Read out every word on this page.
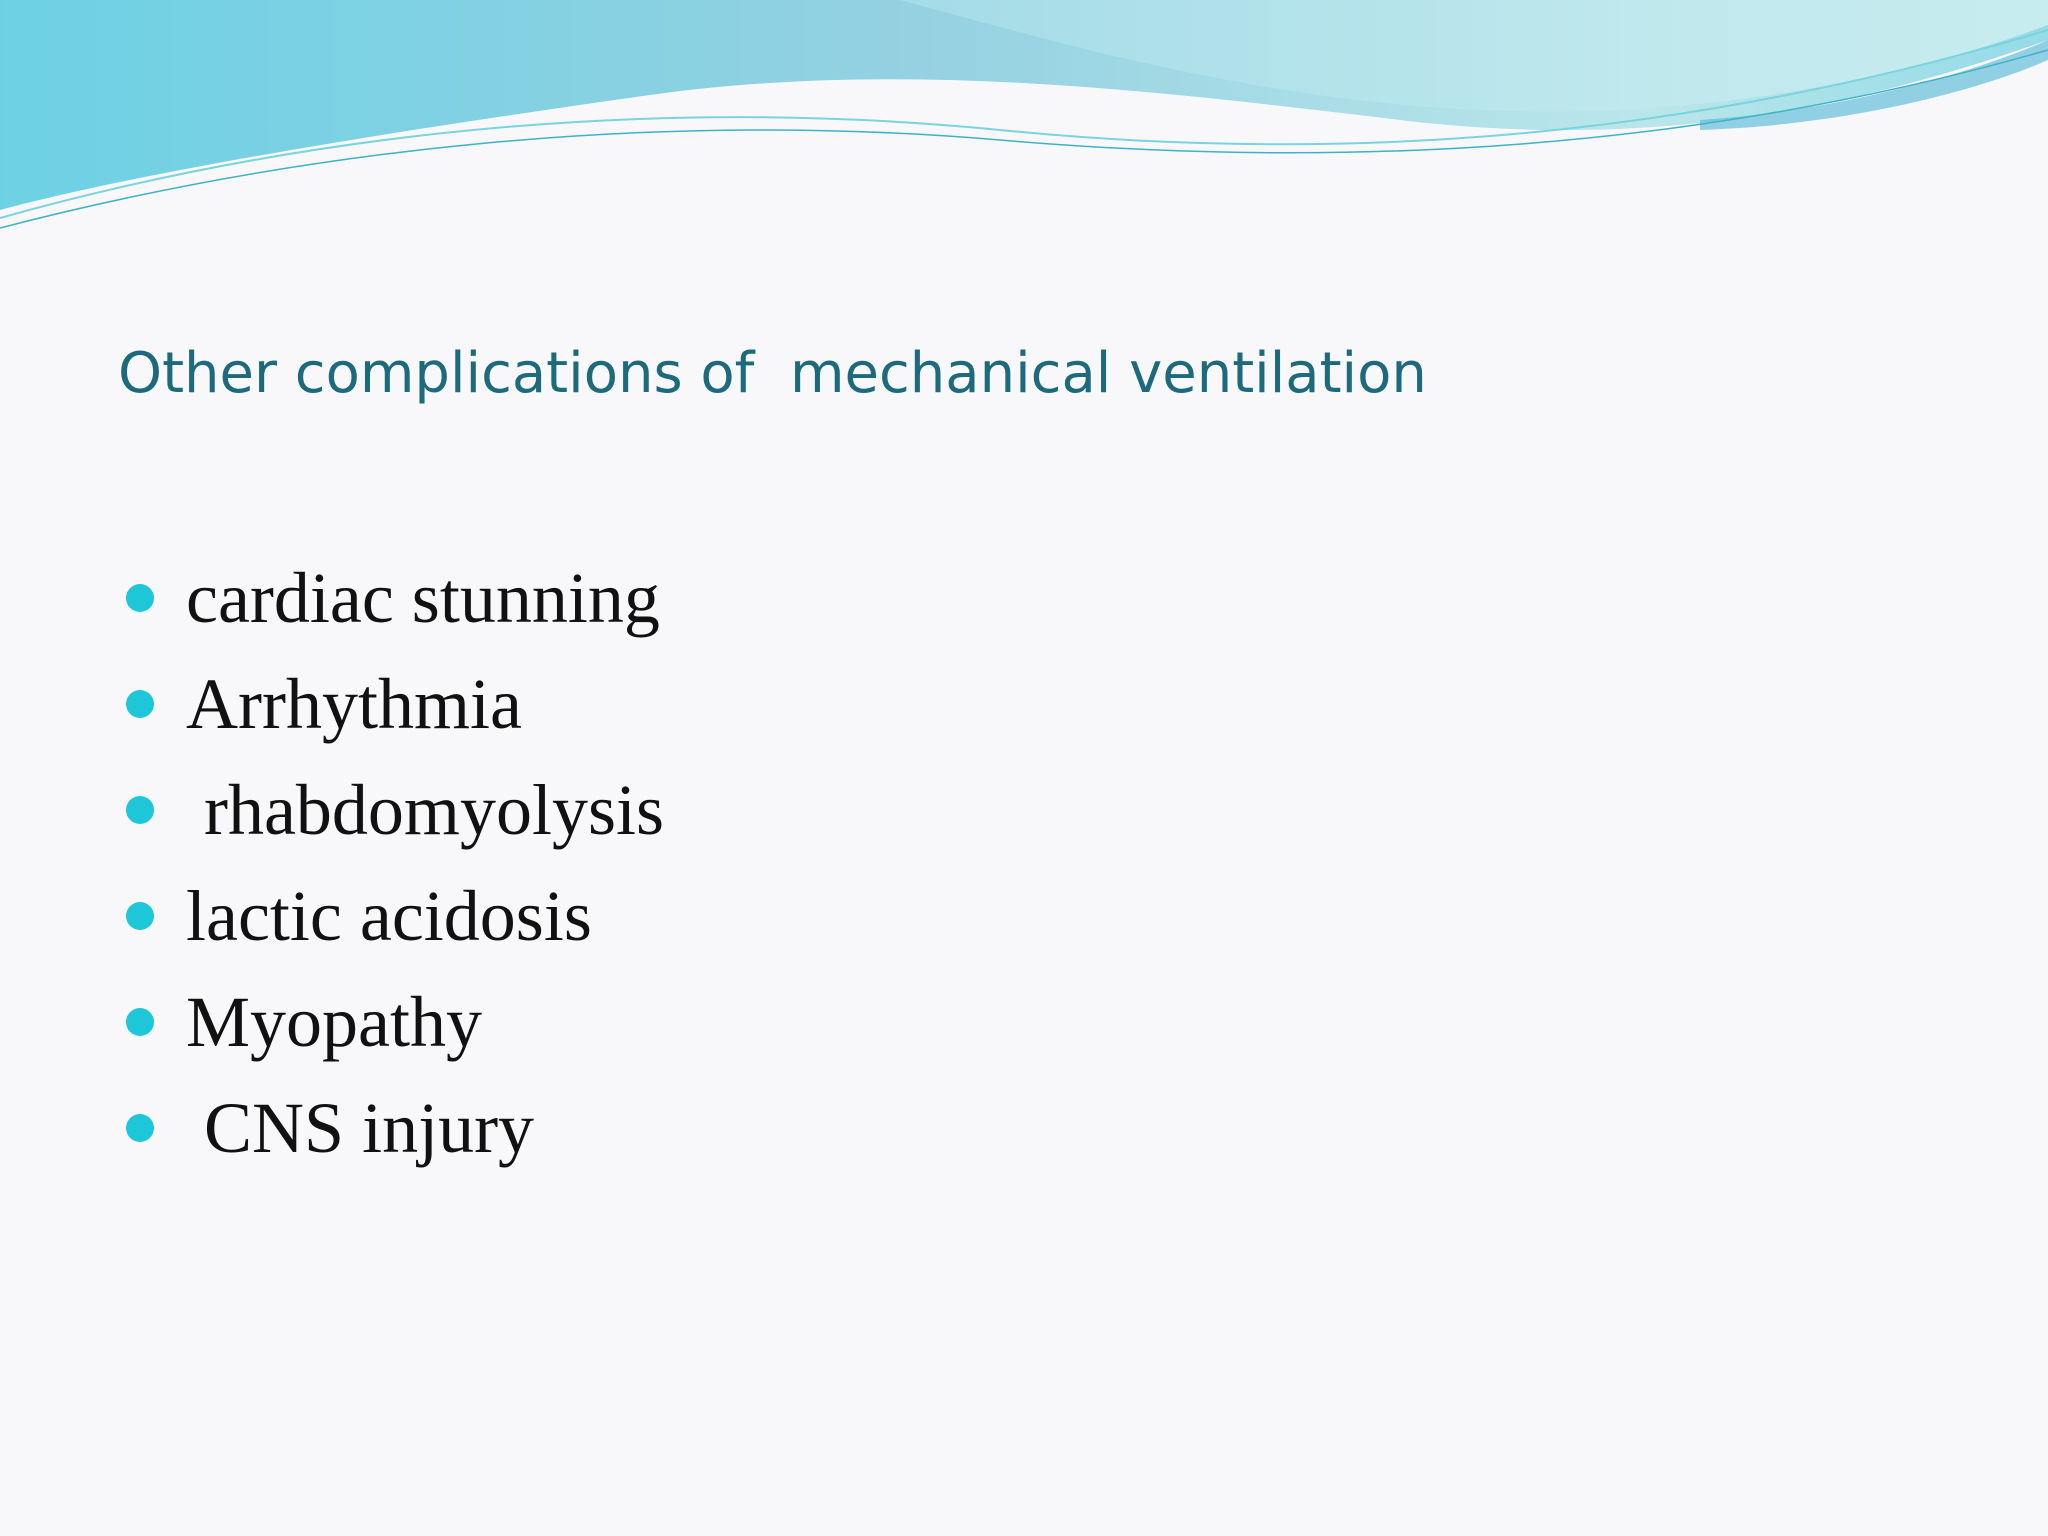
Other complications of  mechanical ventilation
cardiac stunning
Arrhythmia
rhabdomyolysis
lactic acidosis
Myopathy
CNS injury
